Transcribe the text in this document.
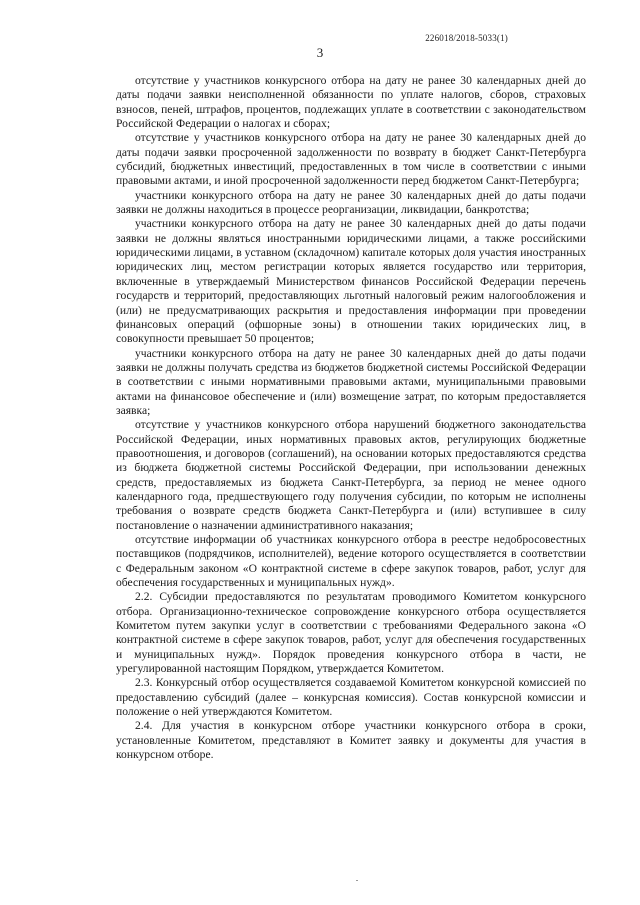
226018/2018-5033(1)
3

отсутствие у участников конкурсного отбора на дату не ранее 30 календарных дней до даты подачи заявки неисполненной обязанности по уплате налогов, сборов, страховых взносов, пеней, штрафов, процентов, подлежащих уплате в соответствии с законодательством Российской Федерации о налогах и сборах;

отсутствие у участников конкурсного отбора на дату не ранее 30 календарных дней до даты подачи заявки просроченной задолженности по возврату в бюджет Санкт-Петербурга субсидий, бюджетных инвестиций, предоставленных в том числе в соответствии с иными правовыми актами, и иной просроченной задолженности перед бюджетом Санкт-Петербурга;

участники конкурсного отбора на дату не ранее 30 календарных дней до даты подачи заявки не должны находиться в процессе реорганизации, ликвидации, банкротства;

участники конкурсного отбора на дату не ранее 30 календарных дней до даты подачи заявки не должны являться иностранными юридическими лицами, а также российскими юридическими лицами, в уставном (складочном) капитале которых доля участия иностранных юридических лиц, местом регистрации которых является государство или территория, включенные в утверждаемый Министерством финансов Российской Федерации перечень государств и территорий, предоставляющих льготный налоговый режим налогообложения и (или) не предусматривающих раскрытия и предоставления информации при проведении финансовых операций (офшорные зоны) в отношении таких юридических лиц, в совокупности превышает 50 процентов;

участники конкурсного отбора на дату не ранее 30 календарных дней до даты подачи заявки не должны получать средства из бюджетов бюджетной системы Российской Федерации в соответствии с иными нормативными правовыми актами, муниципальными правовыми актами на финансовое обеспечение и (или) возмещение затрат, по которым предоставляется заявка;

отсутствие у участников конкурсного отбора нарушений бюджетного законодательства Российской Федерации, иных нормативных правовых актов, регулирующих бюджетные правоотношения, и договоров (соглашений), на основании которых предоставляются средства из бюджета бюджетной системы Российской Федерации, при использовании денежных средств, предоставляемых из бюджета Санкт-Петербурга, за период не менее одного календарного года, предшествующего году получения субсидии, по которым не исполнены требования о возврате средств бюджета Санкт-Петербурга и (или) вступившее в силу постановление о назначении административного наказания;

отсутствие информации об участниках конкурсного отбора в реестре недобросовестных поставщиков (подрядчиков, исполнителей), ведение которого осуществляется в соответствии с Федеральным законом «О контрактной системе в сфере закупок товаров, работ, услуг для обеспечения государственных и муниципальных нужд».

2.2. Субсидии предоставляются по результатам проводимого Комитетом конкурсного отбора. Организационно-техническое сопровождение конкурсного отбора осуществляется Комитетом путем закупки услуг в соответствии с требованиями Федерального закона «О контрактной системе в сфере закупок товаров, работ, услуг для обеспечения государственных и муниципальных нужд». Порядок проведения конкурсного отбора в части, не урегулированной настоящим Порядком, утверждается Комитетом.

2.3. Конкурсный отбор осуществляется создаваемой Комитетом конкурсной комиссией по предоставлению субсидий (далее – конкурсная комиссия). Состав конкурсной комиссии и положение о ней утверждаются Комитетом.

2.4. Для участия в конкурсном отборе участники конкурсного отбора в сроки, установленные Комитетом, представляют в Комитет заявку и документы для участия в конкурсном отборе.
